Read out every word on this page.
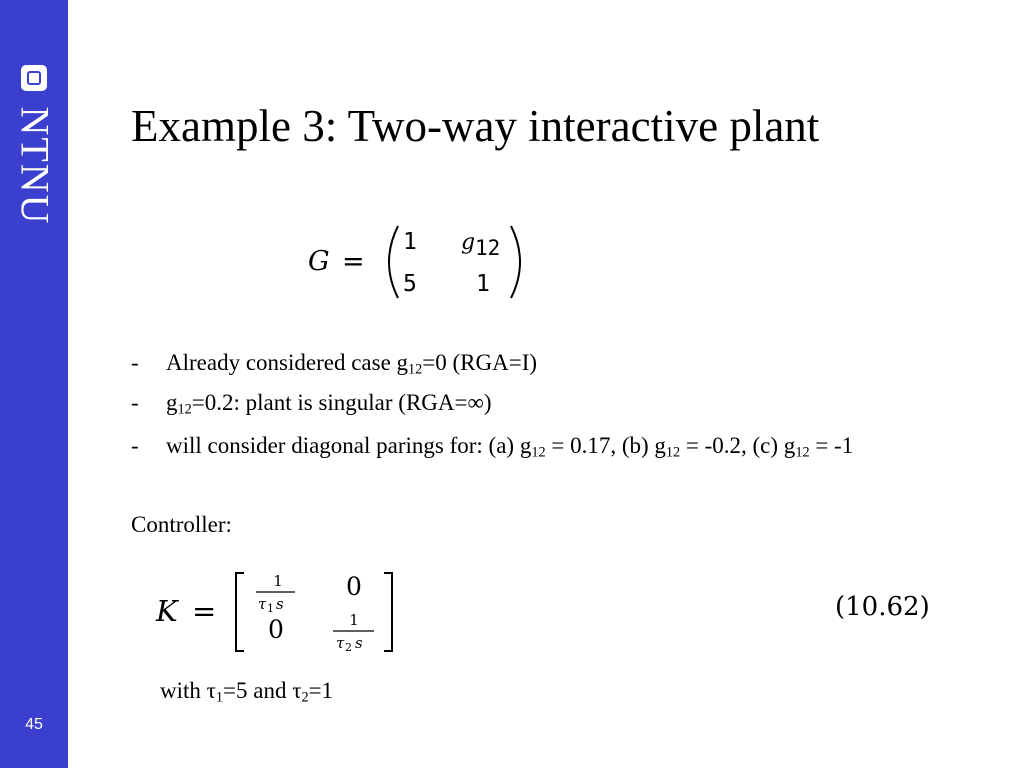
NTNU
45
Example 3: Two-way interactive plant
G =
1 g 12
5	1
- Already considered case $g_{12}=0$ (RGA=I)
- $g_{12}=0.2$: plant is singular (RGA=∞)
- will consider diagonal parings for: (a) $g_{12} = 0.17$, (b) $g_{12} = -0.2$, (c) $g_{12} = -1$
Controller:
K =
1
τ 1 s
0
0	1
τ 2 s
(10.62)
with $\tau_1=5$ and $\tau_2=1$
